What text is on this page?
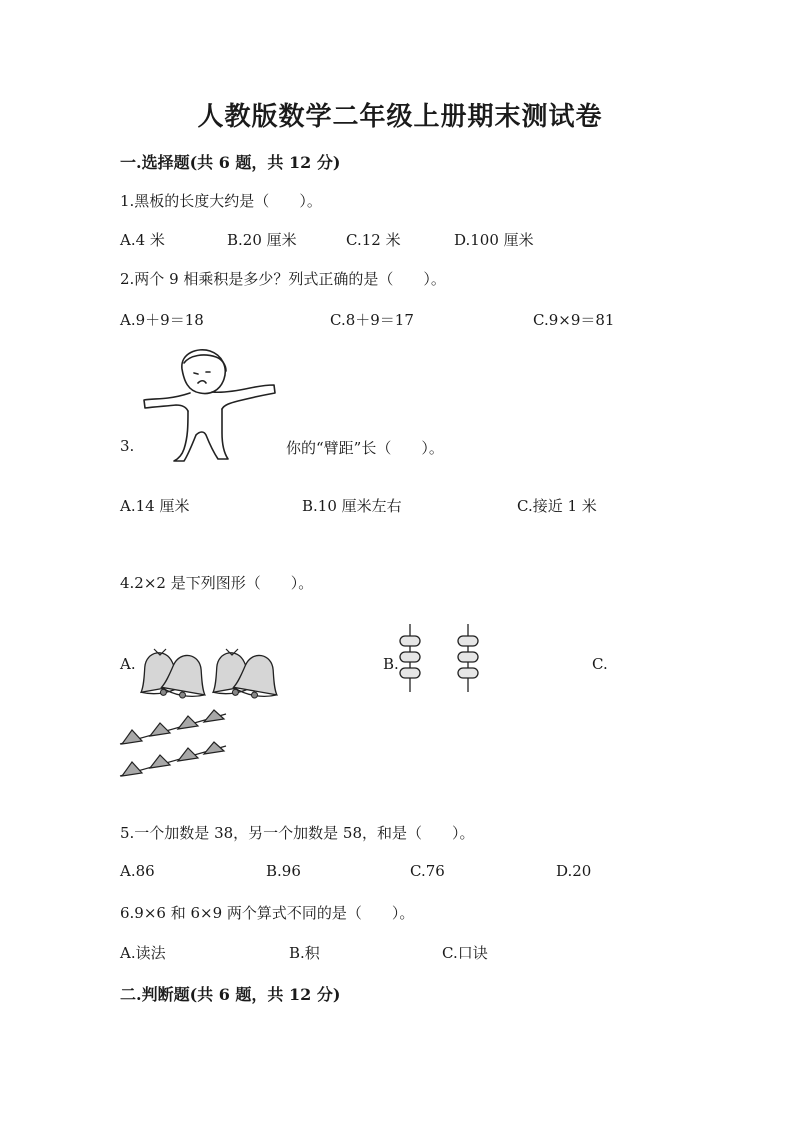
人教版数学二年级上册期末测试卷
一.选择题(共 6 题，共 12 分)
1.黑板的长度大约是（　　）。
A.4 米	B.20 厘米	C.12 米	D.100 厘米
2.两个 9 相乘积是多少？列式正确的是（　　）。
A.9＋9＝18	C.8＋9＝17	C.9×9＝81
3.	你的“臂距”长（　　）。
A.14 厘米	B.10 厘米左右	C.接近 1 米
4.2×2 是下列图形（　　）。
A.	B.	C.
5.一个加数是 38，另一个加数是 58，和是（　　）。
A.86	B.96	C.76	D.20
6.9×6 和 6×9 两个算式不同的是（　　）。
A.读法	B.积	C.口诀
二.判断题(共 6 题，共 12 分)
